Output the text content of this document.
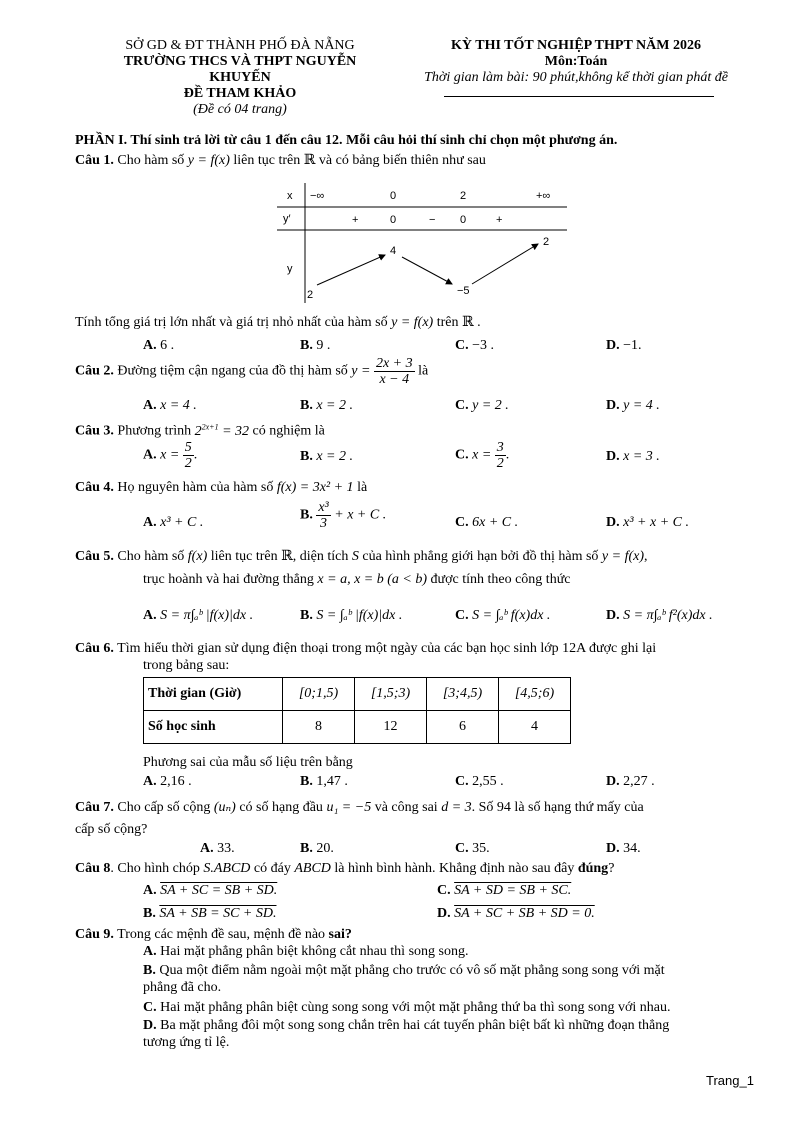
SỞ GD & ĐT THÀNH PHỐ ĐÀ NẴNG
TRƯỜNG THCS VÀ THPT NGUYỄN
KHUYẾN
ĐỀ THAM KHẢO
(Đề có 04 trang)
KỲ THI TỐT NGHIỆP THPT NĂM 2026
Môn:Toán
Thời gian làm bài: 90 phút,không kể thời gian phát đề
PHẦN I. Thí sinh trả lời từ câu 1 đến câu 12. Mỗi câu hỏi thí sinh chỉ chọn một phương án.
Câu 1. Cho hàm số y = f(x) liên tục trên ℝ và có bảng biến thiên như sau
x
y′
y
−∞	0	2	+∞
+	0	− 0	+
2
4
−5
2
Tính tổng giá trị lớn nhất và giá trị nhỏ nhất của hàm số y = f(x) trên ℝ .
A. 6 .	B. 9 .	C. −3 .	D. −1.
Câu 2. Đường tiệm cận ngang của đồ thị hàm số $y = \frac{2x + 3}{x - 4}$ là
A. x = 4 .	B. x = 2 .	C. y = 2 .	D. y = 4 .
Câu 3. Phương trình $2^{2x+1} = 32$ có nghiệm là
A. $x = \frac{5}{2}$ .	B. x = 2 .	C. $x = \frac{3}{2}$ .	D. x = 3 .
Câu 4. Họ nguyên hàm của hàm số f(x) = 3x² + 1 là
A. x³ + C .	B. $\frac{\text{x³}}{3} + x + C$ .	C. 6x + C .	D. x³ + x + C .
Câu 5. Cho hàm số f(x) liên tục trên ℝ, diện tích S của hình phẳng giới hạn bởi đồ thị hàm số y = f(x),
trục hoành và hai đường thẳng x = a, x = b (a < b) được tính theo công thức
A. S = π∫ₐᵇ |f(x)|dx .	B. S = ∫ₐᵇ |f(x)|dx .	C. S = ∫ₐᵇ f(x)dx .	D. S = π∫ₐᵇ f²(x)dx .
Câu 6. Tìm hiểu thời gian sử dụng điện thoại trong một ngày của các bạn học sinh lớp 12A được ghi lại
trong bảng sau:
Thời gian (Giờ)	[0;1,5)	[1,5;3)	[3;4,5)	[4,5;6)
Số học sinh	8	12	6	4
Phương sai của mẫu số liệu trên bằng
A. 2,16 .	B. 1,47 .	C. 2,55 .	D. 2,27 .
Câu 7. Cho cấp số cộng (uₙ) có số hạng đầu u₁ = −5 và công sai d = 3. Số 94 là số hạng thứ mấy của
cấp số cộng?
A. 33.	B. 20.	C. 35.	D. 34.
Câu 8. Cho hình chóp S.ABCD có đáy ABCD là hình bình hành. Khẳng định nào sau đây đúng?
A. SA + SC = SB + SD.	C. SA + SD = SB + SC.
B. SA + SB = SC + SD.	D. SA + SC + SB + SD = 0.
Câu 9. Trong các mệnh đề sau, mệnh đề nào sai?
A. Hai mặt phẳng phân biệt không cắt nhau thì song song.
B. Qua một điểm nằm ngoài một mặt phẳng cho trước có vô số mặt phẳng song song với mặt
phẳng đã cho.
C. Hai mặt phẳng phân biệt cùng song song với một mặt phẳng thứ ba thì song song với nhau.
D. Ba mặt phẳng đôi một song song chắn trên hai cát tuyến phân biệt bất kì những đoạn thẳng
tương ứng tỉ lệ.
Trang_1
